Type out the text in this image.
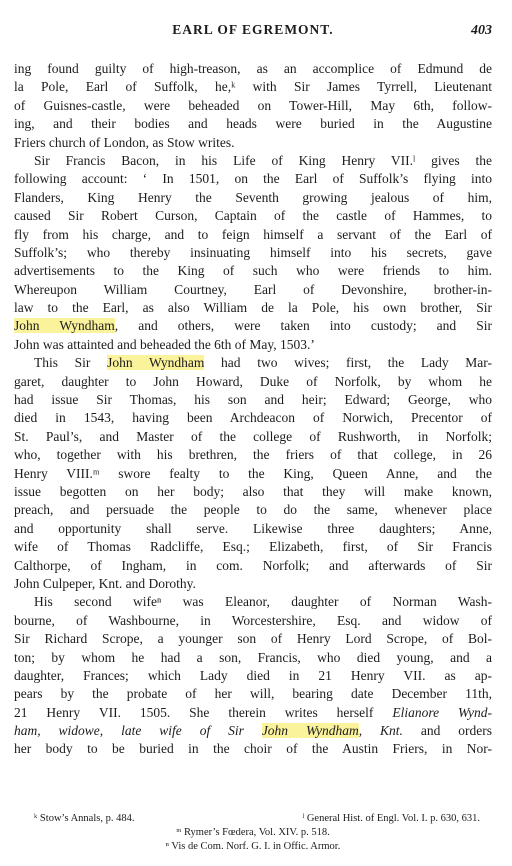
EARL OF EGREMONT.	403
ing found guilty of high-treason, as an accomplice of Edmund de
la Pole, Earl of Suffolk, he,ᵏ with Sir James Tyrrell, Lieutenant
of Guisnes-castle, were beheaded on Tower-Hill, May 6th, follow-
ing, and their bodies and heads were buried in the Augustine
Friers church of London, as Stow writes.
Sir Francis Bacon, in his Life of King Henry VII.ˡ gives the
following account: ‘ In 1501, on the Earl of Suffolk’s flying into
Flanders, King Henry the Seventh growing jealous of him,
caused Sir Robert Curson, Captain of the castle of Hammes, to
fly from his charge, and to feign himself a servant of the Earl of
Suffolk’s; who thereby insinuating himself into his secrets, gave
advertisements to the King of such who were friends to him.
Whereupon William Courtney, Earl of Devonshire, brother-in-
law to the Earl, as also William de la Pole, his own brother, Sir
John Wyndham, and others, were taken into custody; and Sir
John was attainted and beheaded the 6th of May, 1503.’
This Sir John Wyndham had two wives; first, the Lady Mar-
garet, daughter to John Howard, Duke of Norfolk, by whom he
had issue Sir Thomas, his son and heir; Edward; George, who
died in 1543, having been Archdeacon of Norwich, Precentor of
St. Paul’s, and Master of the college of Rushworth, in Norfolk;
who, together with his brethren, the friers of that college, in 26
Henry VIII.ᵐ swore fealty to the King, Queen Anne, and the
issue begotten on her body; also that they will make known,
preach, and persuade the people to do the same, whenever place
and opportunity shall serve. Likewise three daughters; Anne,
wife of Thomas Radcliffe, Esq.; Elizabeth, first, of Sir Francis
Calthorpe, of Ingham, in com. Norfolk; and afterwards of Sir
John Culpeper, Knt. and Dorothy.
His second wifeⁿ was Eleanor, daughter of Norman Wash-
bourne, of Washbourne, in Worcestershire, Esq. and widow of
Sir Richard Scrope, a younger son of Henry Lord Scrope, of Bol-
ton; by whom he had a son, Francis, who died young, and a
daughter, Frances; which Lady died in 21 Henry VII. as ap-
pears by the probate of her will, bearing date December 11th,
21 Henry VII. 1505. She therein writes herself Elianore Wynd-
ham, widowe, late wife of Sir John Wyndham, Knt. and orders
her body to be buried in the choir of the Austin Friers, in Nor-
ᵏ Stow’s Annals, p. 484.	ˡ General Hist. of Engl. Vol. I. p. 630, 631.
ᵐ Rymer’s Fœdera, Vol. XIV. p. 518.
ⁿ Vis de Com. Norf. G. I. in Offic. Armor.
